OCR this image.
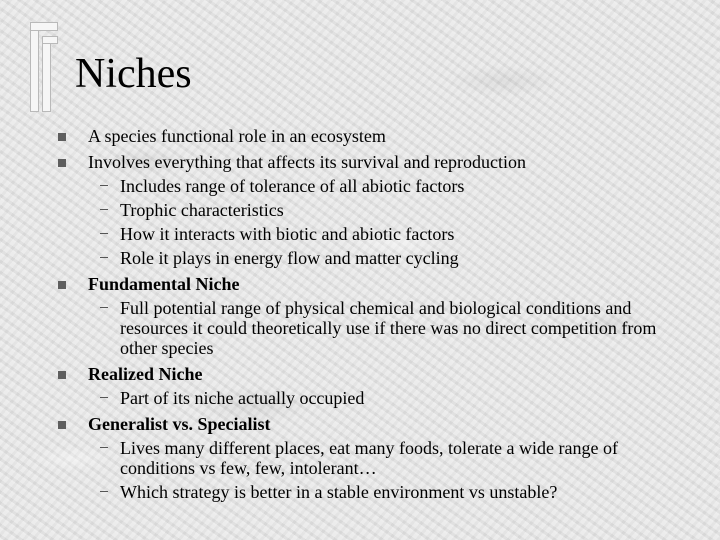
Niches
A species functional role in an ecosystem
Involves everything that affects its survival and reproduction
Includes range of tolerance of all abiotic factors
Trophic characteristics
How it interacts with biotic and abiotic factors
Role it plays in energy flow and matter cycling
Fundamental Niche
Full potential range of physical chemical and biological conditions and resources it could theoretically use if there was no direct competition from other species
Realized Niche
Part of its niche actually occupied
Generalist vs. Specialist
Lives many different places, eat many foods, tolerate a wide range of conditions vs few, few, intolerant…
Which strategy is better in a stable environment vs unstable?
